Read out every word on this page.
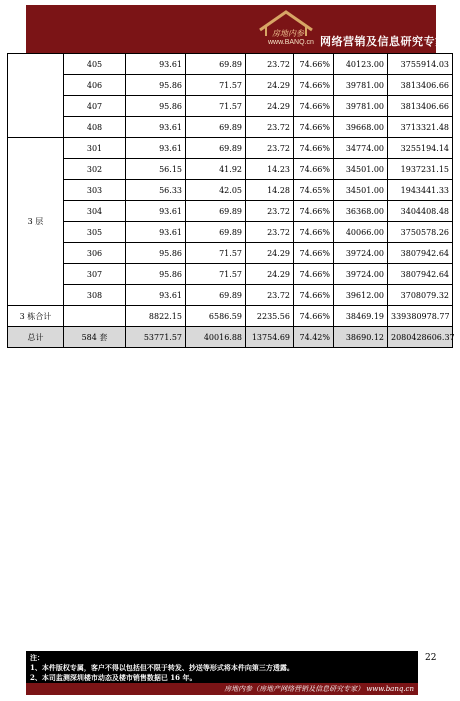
房地内参
www.BANQ.cn 网络营销及信息研究专家
	405	93.61	69.89	23.72	74.66%	40123.00	3755914.03
	406	95.86	71.57	24.29	74.66%	39781.00	3813406.66
	407	95.86	71.57	24.29	74.66%	39781.00	3813406.66
	408	93.61	69.89	23.72	74.66%	39668.00	3713321.48
3 层	301	93.61	69.89	23.72	74.66%	34774.00	3255194.14
	302	56.15	41.92	14.23	74.66%	34501.00	1937231.15
	303	56.33	42.05	14.28	74.65%	34501.00	1943441.33
	304	93.61	69.89	23.72	74.66%	36368.00	3404408.48
	305	93.61	69.89	23.72	74.66%	40066.00	3750578.26
	306	95.86	71.57	24.29	74.66%	39724.00	3807942.64
	307	95.86	71.57	24.29	74.66%	39724.00	3807942.64
	308	93.61	69.89	23.72	74.66%	39612.00	3708079.32
3 栋合计		8822.15	6586.59	2235.56	74.66%	38469.19	339380978.77
总计	584 套	53771.57	40016.88	13754.69	74.42%	38690.12	2080428606.37
22
注：
1、本件版权专属，客户不得以包括但不限于转发、抄送等形式将本件向第三方透露。
2、本司监测深圳楼市动态及楼市销售数据已 16 年。
房地内参（房地产网络营销及信息研究专家） www.banq.cn
